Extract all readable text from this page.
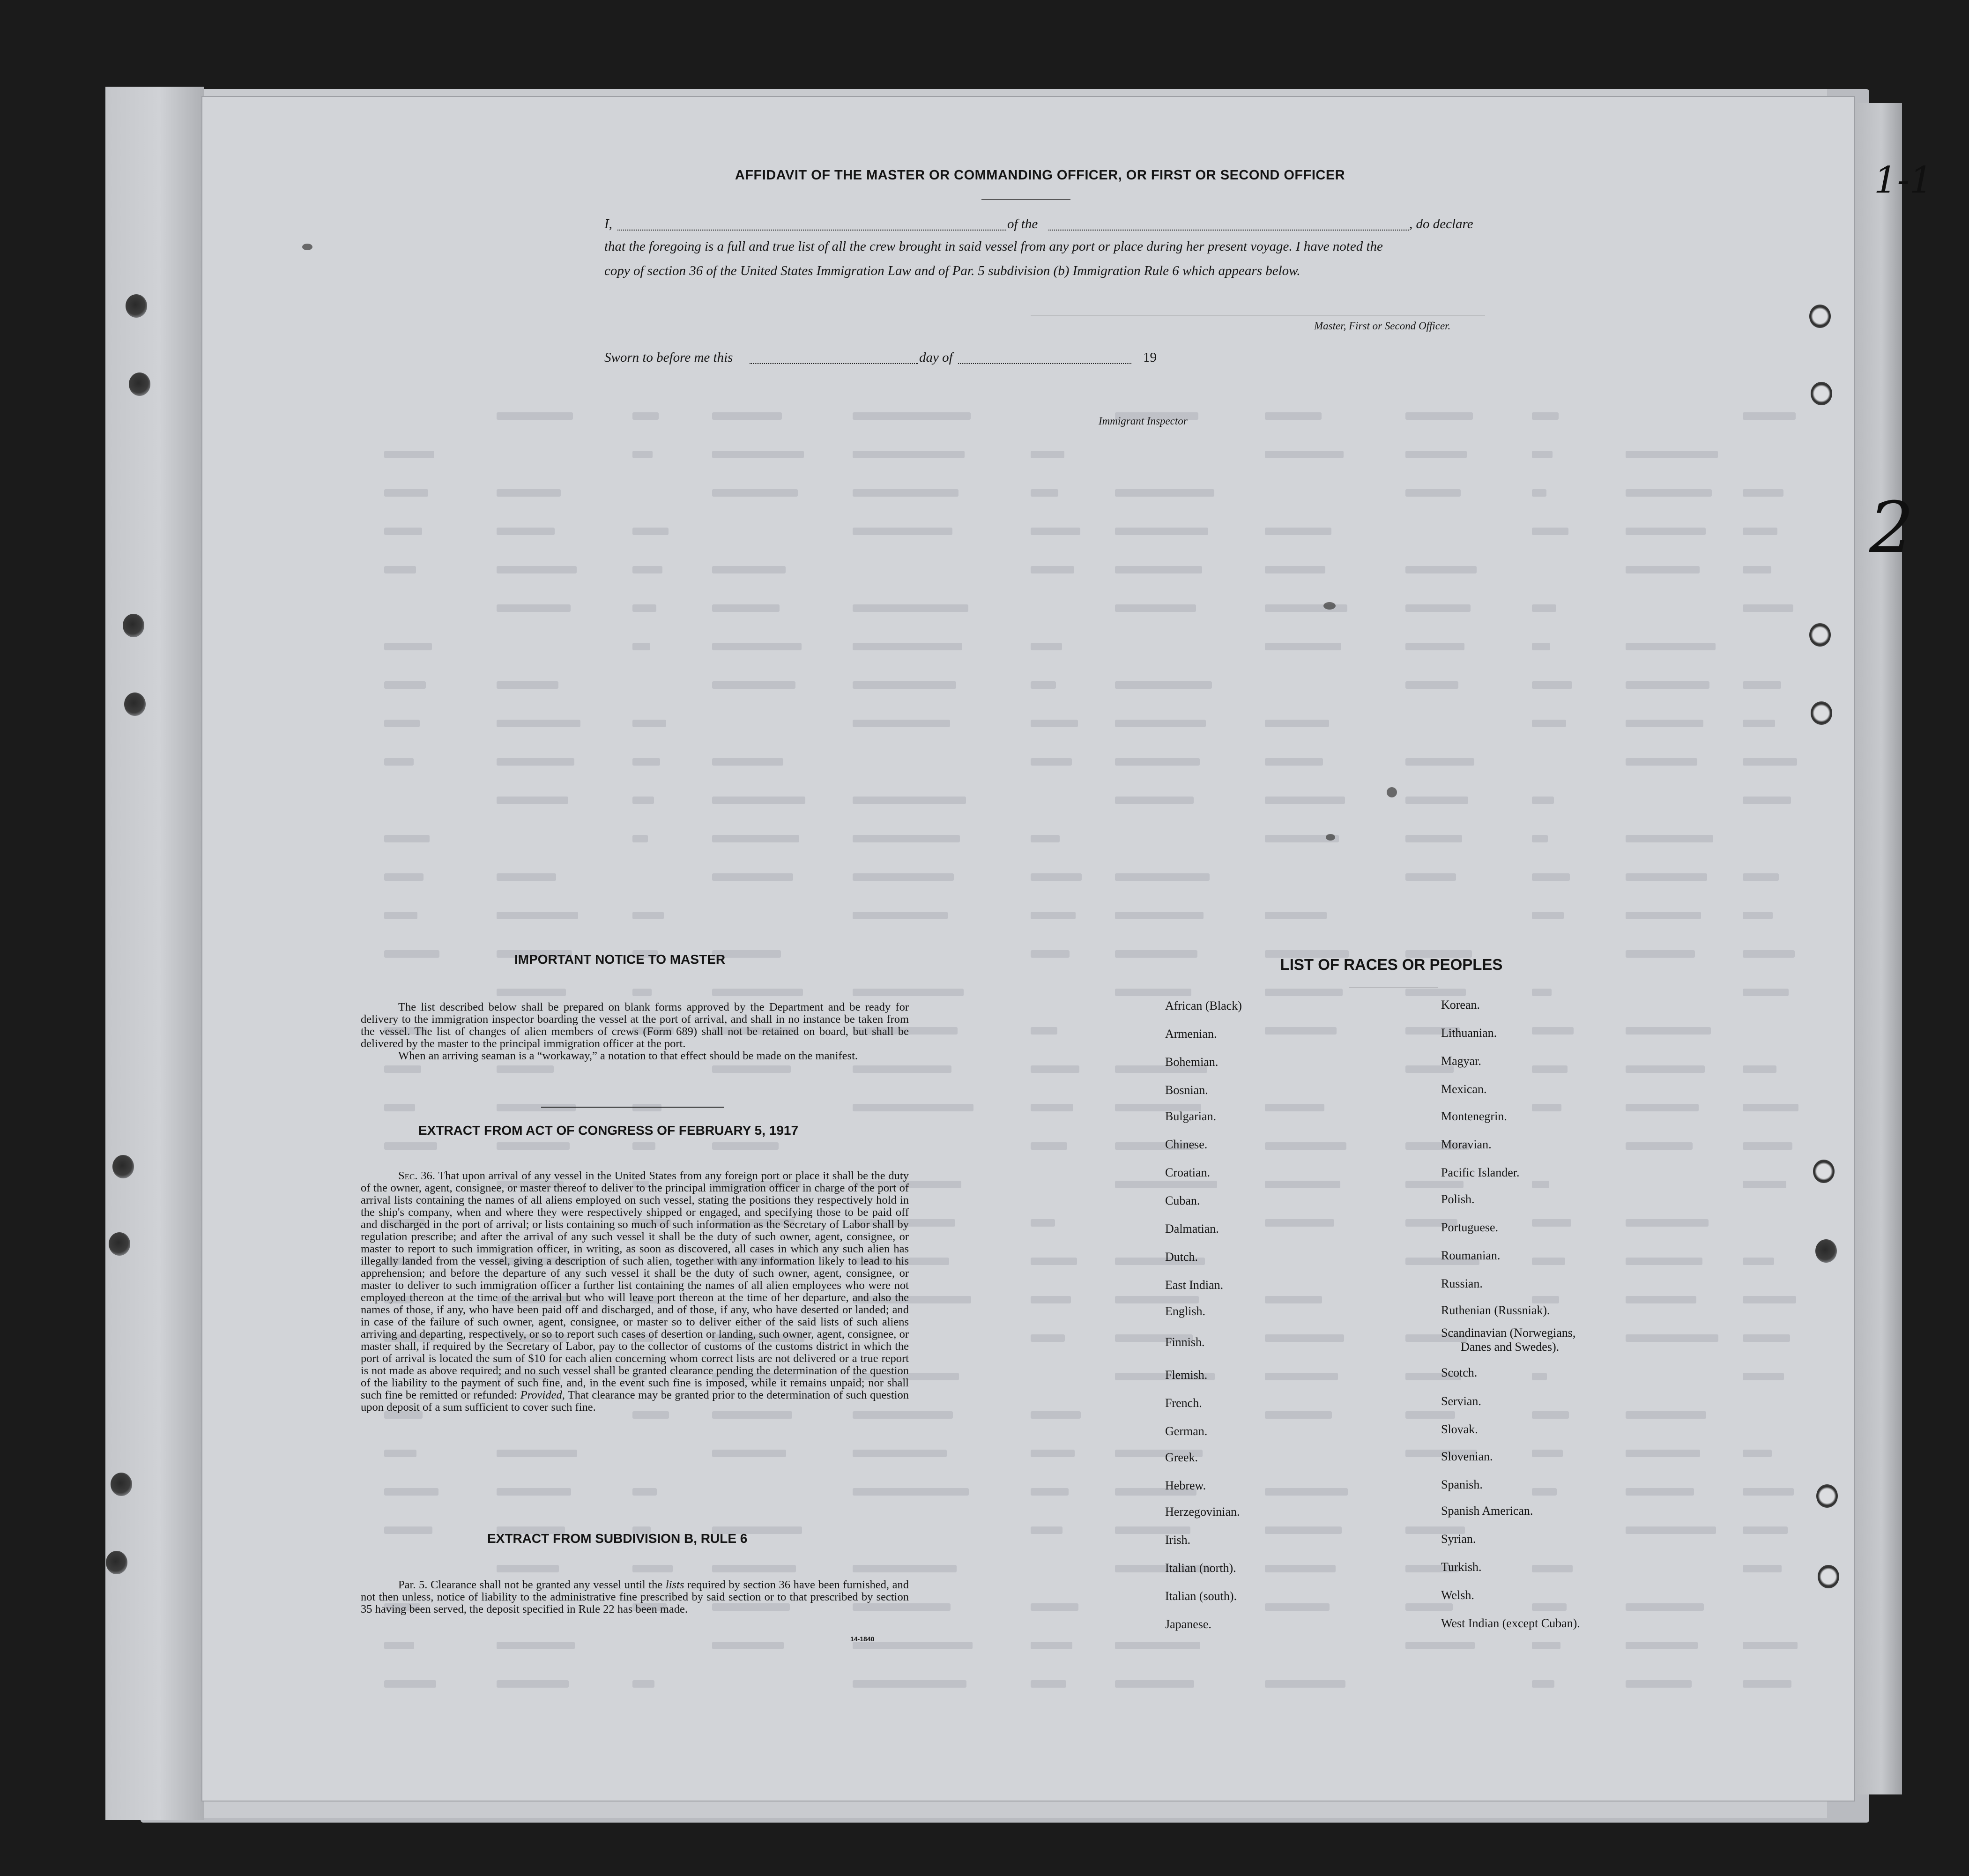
AFFIDAVIT OF THE MASTER OR COMMANDING OFFICER, OR FIRST OR SECOND OFFICER
I,	of the	, do declare
that the foregoing is a full and true list of all the crew brought in said vessel from any port or place during her present voyage. I have noted the
copy of section 36 of the United States Immigration Law and of Par. 5 subdivision (b) Immigration Rule 6 which appears below.
Master, First or Second Officer.
Sworn to before me this	day of	19
Immigrant Inspector
IMPORTANT NOTICE TO MASTER

The list described below shall be prepared on blank forms approved by the Department and be ready for delivery to the immigration inspector boarding the vessel at the port of arrival, and shall in no instance be taken from the vessel. The list of changes of alien members of crews (Form 689) shall not be retained on board, but shall be delivered by the master to the principal immigration officer at the port.

When an arriving seaman is a “workaway,” a notation to that effect should be made on the manifest.

EXTRACT FROM ACT OF CONGRESS OF FEBRUARY 5, 1917

Sec. 36. That upon arrival of any vessel in the United States from any foreign port or place it shall be the duty of the owner, agent, consignee, or master thereof to deliver to the principal immigration officer in charge of the port of arrival lists containing the names of all aliens employed on such vessel, stating the positions they respectively hold in the ship's company, when and where they were respectively shipped or engaged, and specifying those to be paid off and discharged in the port of arrival; or lists containing so much of such information as the Secretary of Labor shall by regulation prescribe; and after the arrival of any such vessel it shall be the duty of such owner, agent, consignee, or master to report to such immigration officer, in writing, as soon as discovered, all cases in which any such alien has illegally landed from the vessel, giving a description of such alien, together with any information likely to lead to his apprehension; and before the departure of any such vessel it shall be the duty of such owner, agent, consignee, or master to deliver to such immigration officer a further list containing the names of all alien employees who were not employed thereon at the time of the arrival but who will leave port thereon at the time of her departure, and also the names of those, if any, who have been paid off and discharged, and of those, if any, who have deserted or landed; and in case of the failure of such owner, agent, consignee, or master so to deliver either of the said lists of such aliens arriving and departing, respectively, or so to report such cases of desertion or landing, such owner, agent, consignee, or master shall, if required by the Secretary of Labor, pay to the collector of customs of the customs district in which the port of arrival is located the sum of $10 for each alien concerning whom correct lists are not delivered or a true report is not made as above required; and no such vessel shall be granted clearance pending the determination of the question of the liability to the payment of such fine, and, in the event such fine is imposed, while it remains unpaid; nor shall such fine be remitted or refunded: Provided, That clearance may be granted prior to the determination of such question upon deposit of a sum sufficient to cover such fine.

EXTRACT FROM SUBDIVISION B, RULE 6

Par. 5. Clearance shall not be granted any vessel until the lists required by section 36 have been furnished, and not then unless, notice of liability to the administrative fine prescribed by said section or to that prescribed by section 35 having been served, the deposit specified in Rule 22 has been made.

14-1840
LIST OF RACES OR PEOPLES
African (Black)
Armenian.
Bohemian.
Bosnian.
Bulgarian.
Chinese.
Croatian.
Cuban.
Dalmatian.
Dutch.
East Indian.
English.
Finnish.
Flemish.
French.
German.
Greek.
Hebrew.
Herzegovinian.
Irish.
Italian (north).
Italian (south).
Japanese.
Korean.
Lithuanian.
Magyar.
Mexican.
Montenegrin.
Moravian.
Pacific Islander.
Polish.
Portuguese.
Roumanian.
Russian.
Ruthenian (Russniak).
Scandinavian (Norwegians,
Danes and Swedes).
Scotch.
Servian.
Slovak.
Slovenian.
Spanish.
Spanish American.
Syrian.
Turkish.
Welsh.
West Indian (except Cuban).
1-1
2
